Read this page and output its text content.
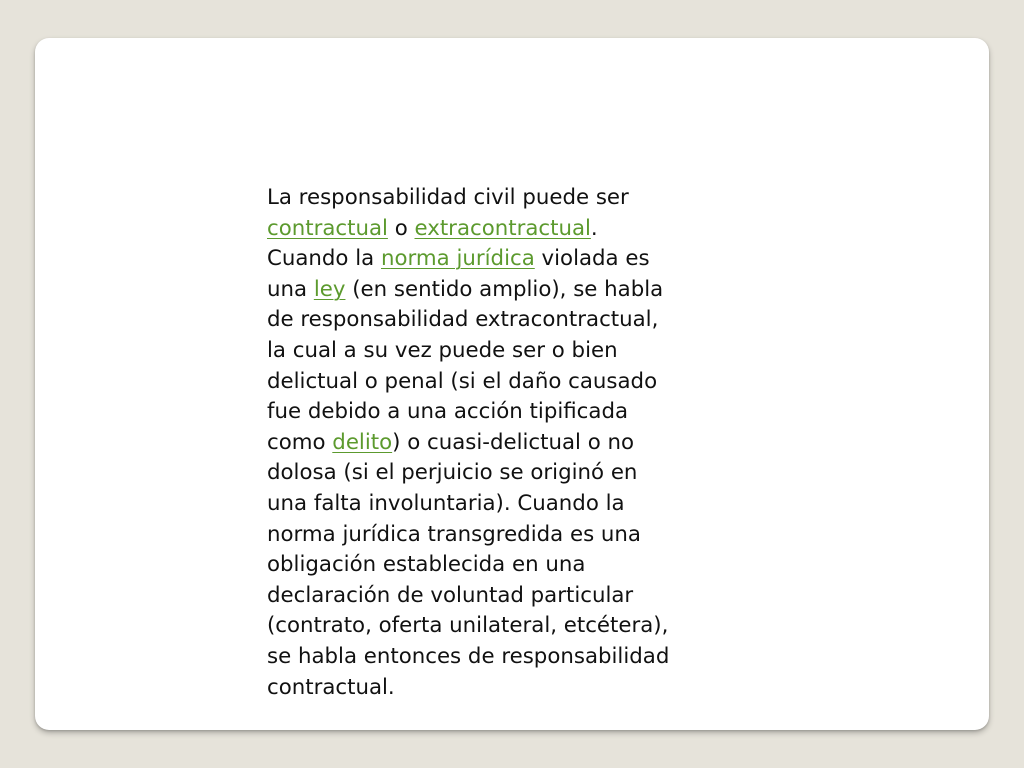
La responsabilidad civil puede ser
contractual o extracontractual.
Cuando la norma jurídica violada es
una ley (en sentido amplio), se habla
de responsabilidad extracontractual,
la cual a su vez puede ser o bien
delictual o penal (si el daño causado
fue debido a una acción tipificada
como delito) o cuasi-delictual o no
dolosa (si el perjuicio se originó en
una falta involuntaria). Cuando la
norma jurídica transgredida es una
obligación establecida en una
declaración de voluntad particular
(contrato, oferta unilateral, etcétera),
se habla entonces de responsabilidad
contractual.
